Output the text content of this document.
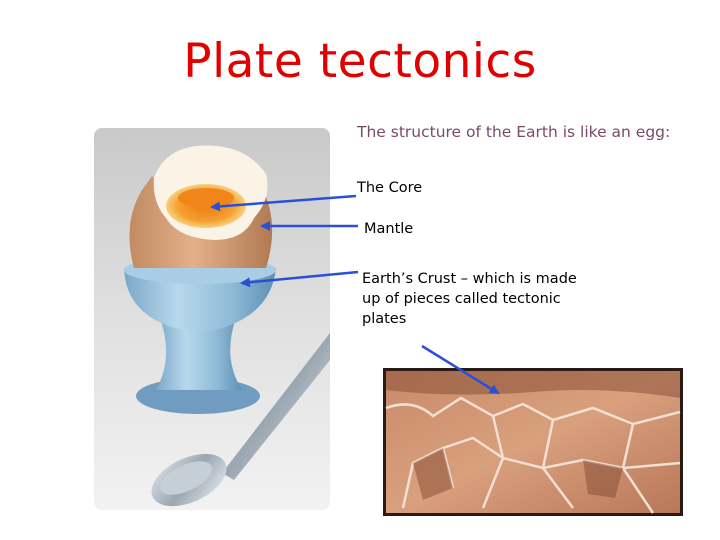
Plate tectonics
The structure of the Earth is like an egg:
The Core
Mantle
Earth’s Crust – which is made up of pieces called tectonic plates
